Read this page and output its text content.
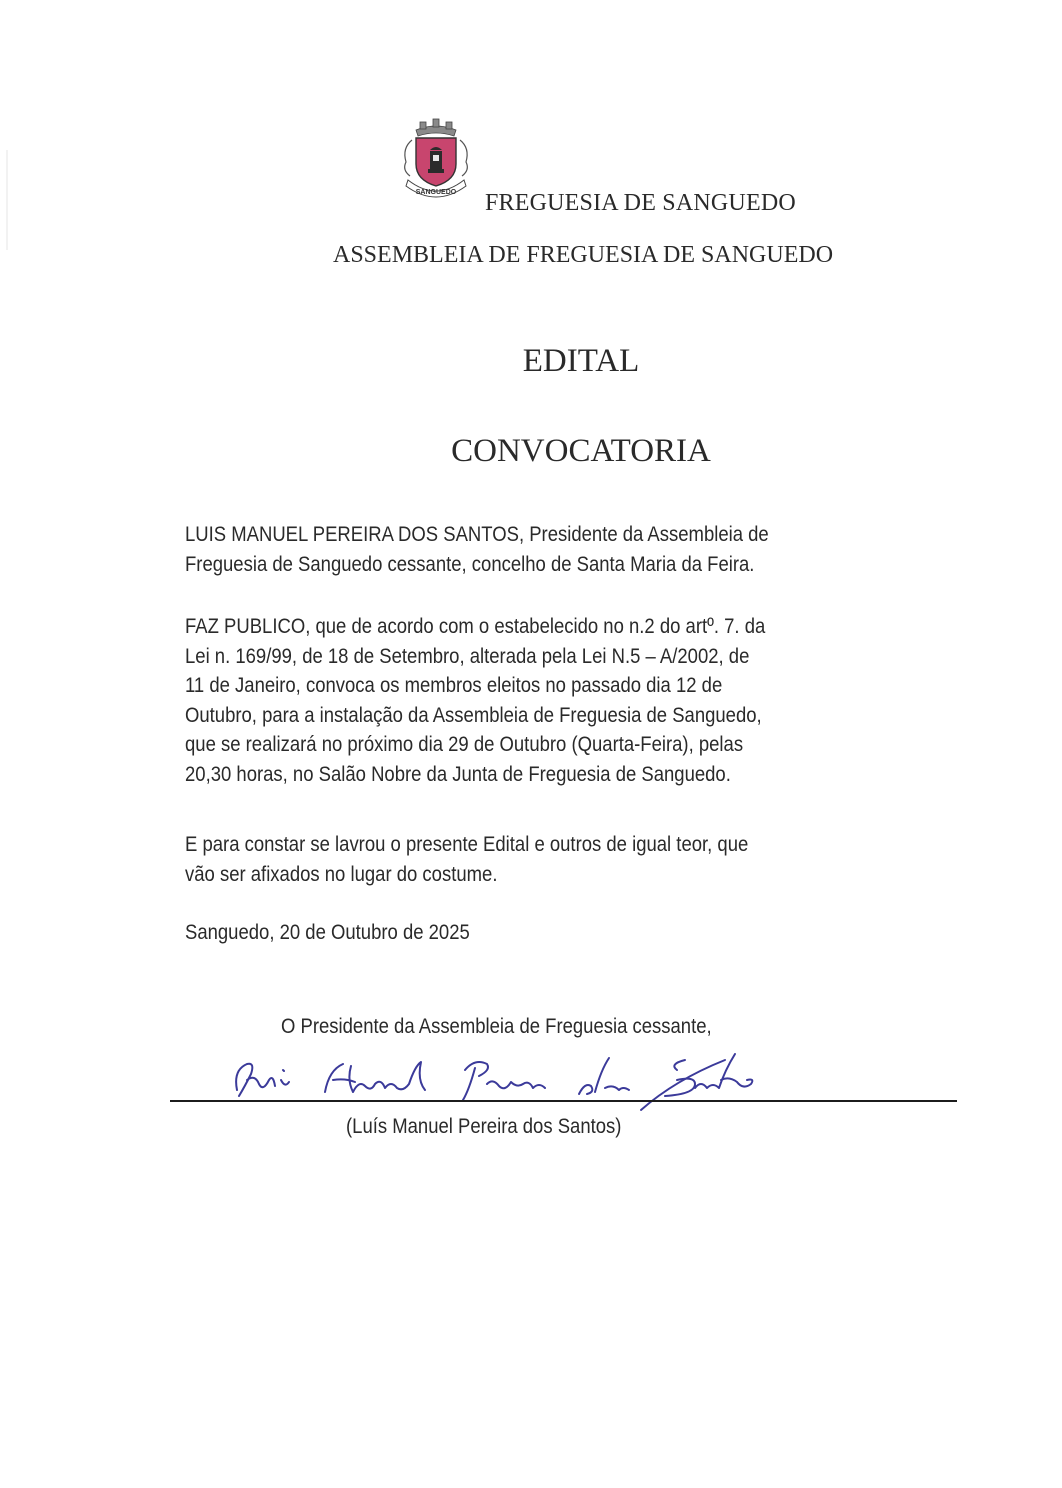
SANGUEDO FREGUESIA DE SANGUEDO
ASSEMBLEIA DE FREGUESIA DE SANGUEDO
EDITAL
CONVOCATORIA
LUIS MANUEL PEREIRA DOS SANTOS, Presidente da Assembleia de
Freguesia de Sanguedo cessante, concelho de Santa Maria da Feira.
FAZ PUBLICO, que de acordo com o estabelecido no n.2 do artº. 7. da
Lei n. 169/99, de 18 de Setembro, alterada pela Lei N.5 – A/2002, de
11 de Janeiro, convoca os membros eleitos no passado dia 12 de
Outubro, para a instalação da Assembleia de Freguesia de Sanguedo,
que se realizará no próximo dia 29 de Outubro (Quarta-Feira), pelas
20,30 horas, no Salão Nobre da Junta de Freguesia de Sanguedo.
E para constar se lavrou o presente Edital e outros de igual teor, que
vão ser afixados no lugar do costume.
Sanguedo, 20 de Outubro de 2025
O Presidente da Assembleia de Freguesia cessante,
(Luís Manuel Pereira dos Santos)
